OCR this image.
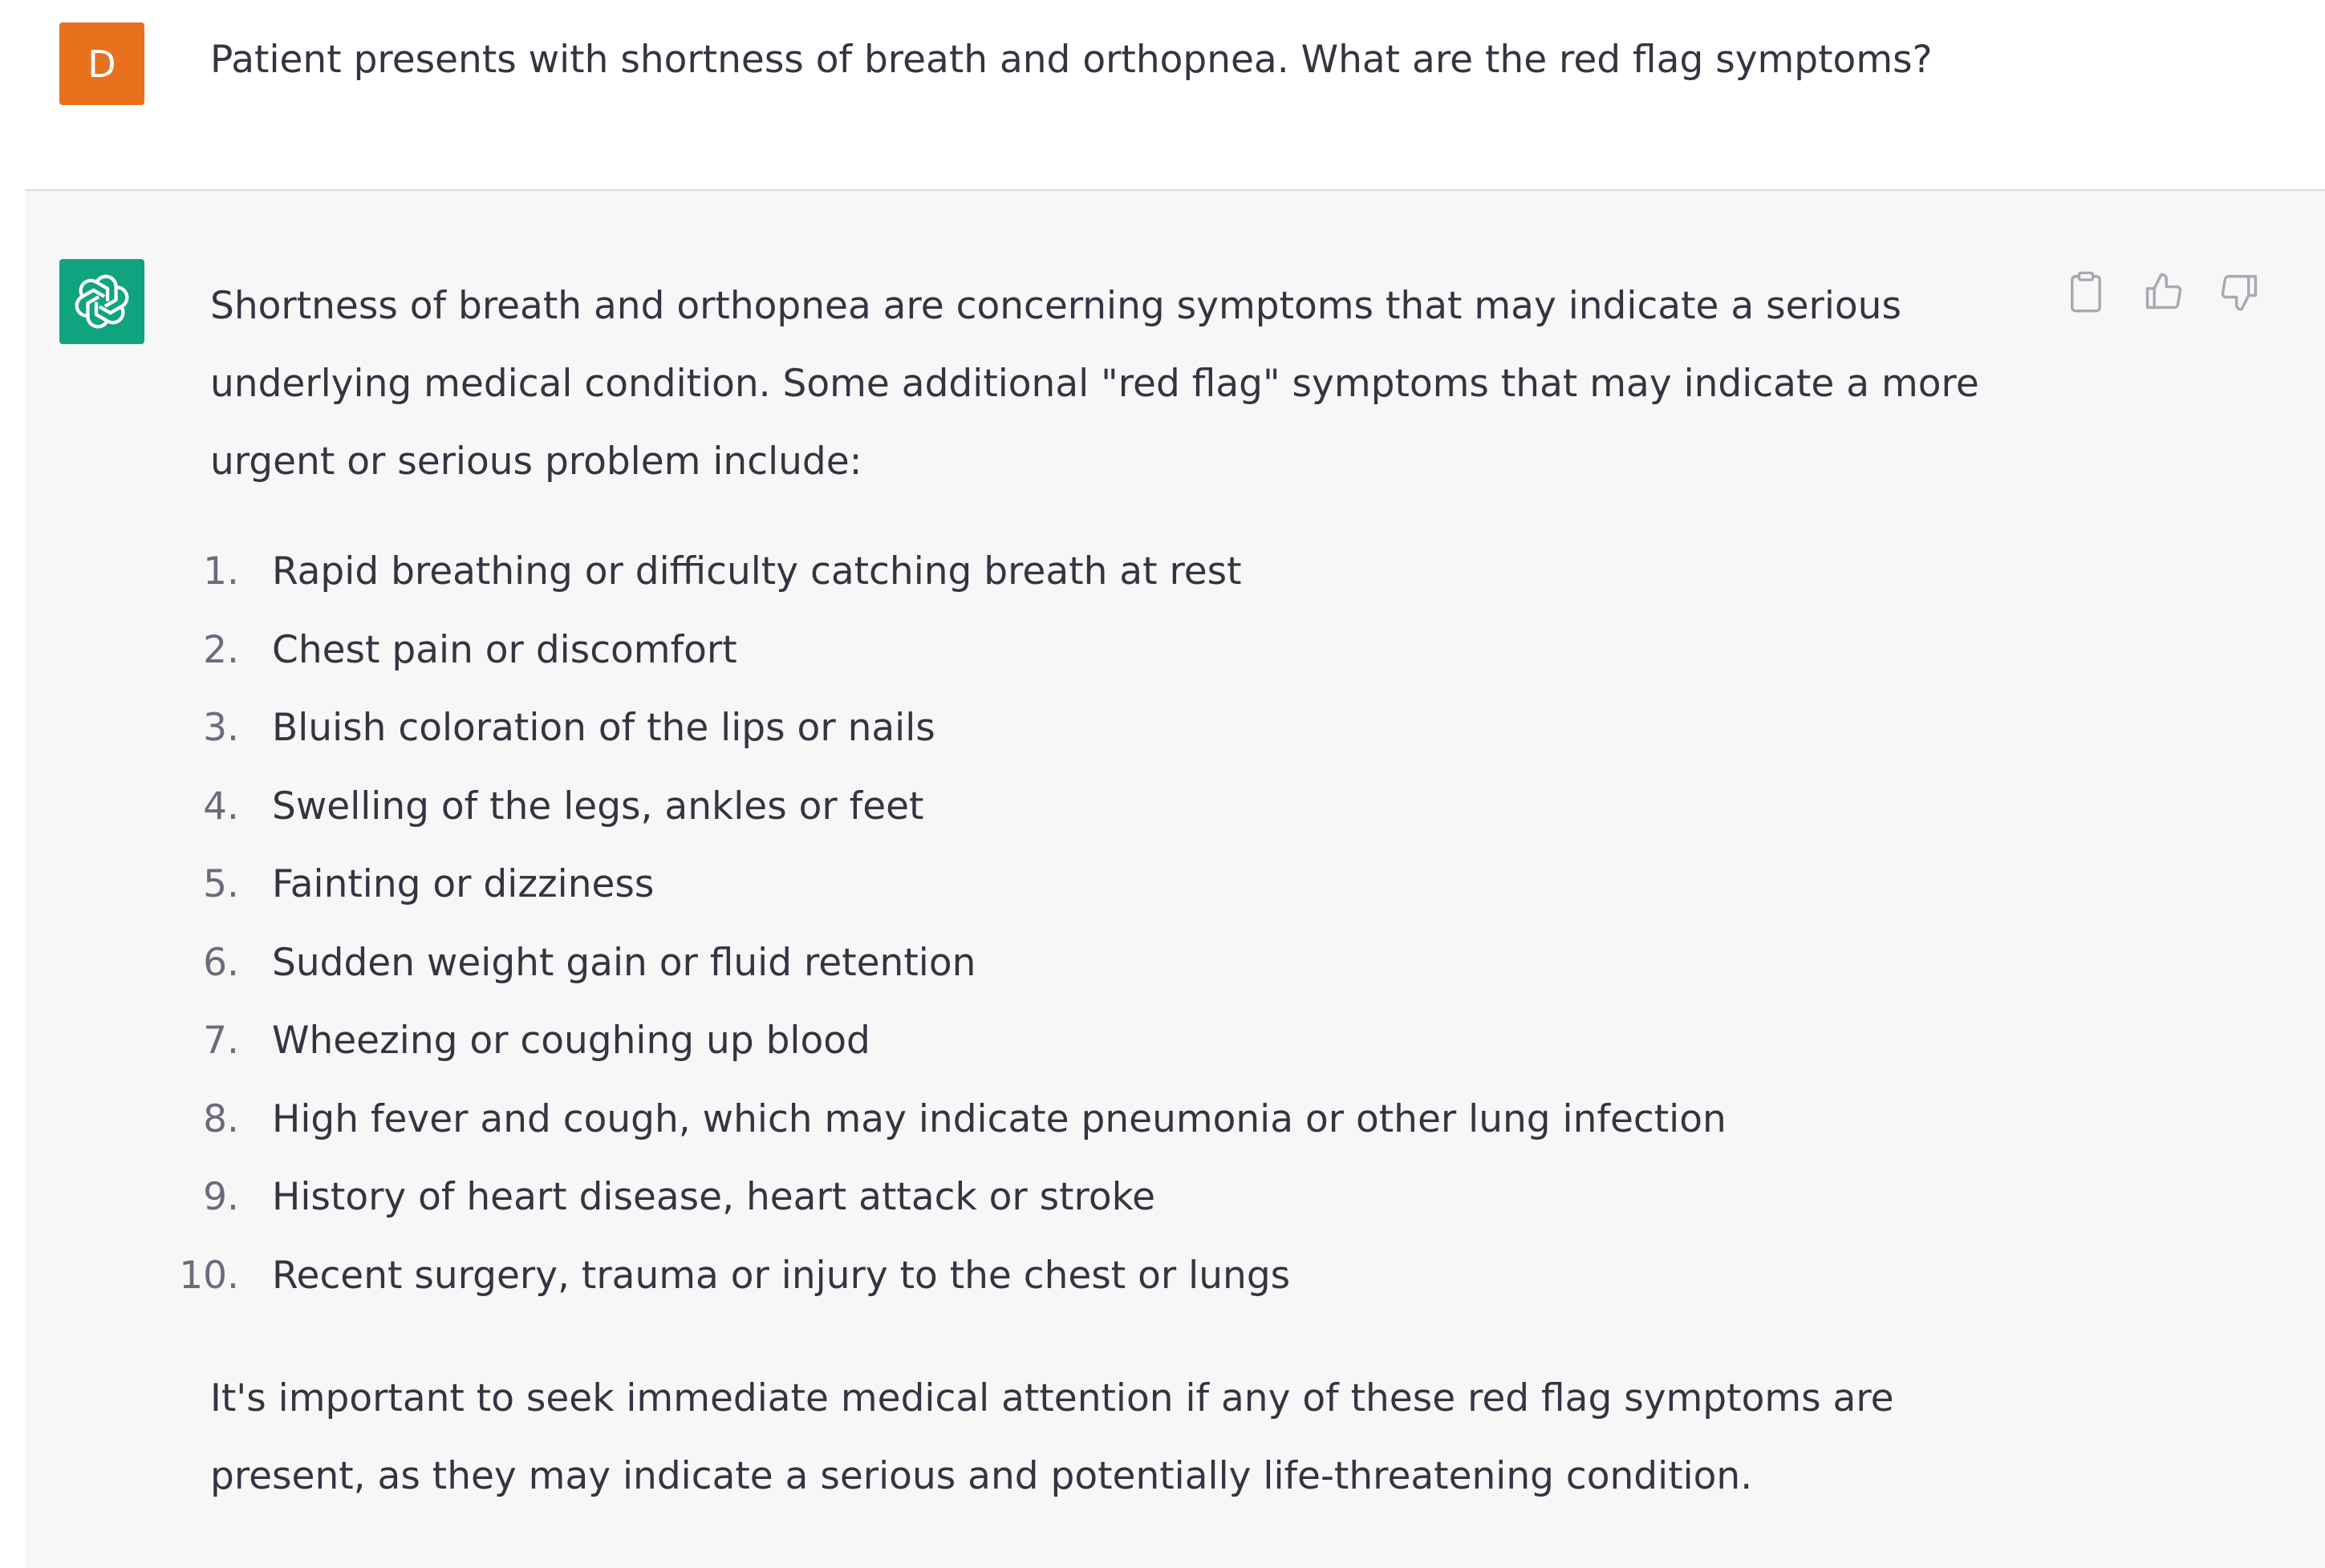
D Patient presents with shortness of breath and orthopnea. What are the red flag symptoms?

Shortness of breath and orthopnea are concerning symptoms that may indicate a serious underlying medical condition. Some additional "red flag" symptoms that may indicate a more urgent or serious problem include:

1. Rapid breathing or difficulty catching breath at rest
2. Chest pain or discomfort
3. Bluish coloration of the lips or nails
4. Swelling of the legs, ankles or feet
5. Fainting or dizziness
6. Sudden weight gain or fluid retention
7. Wheezing or coughing up blood
8. High fever and cough, which may indicate pneumonia or other lung infection
9. History of heart disease, heart attack or stroke
10. Recent surgery, trauma or injury to the chest or lungs

It's important to seek immediate medical attention if any of these red flag symptoms are present, as they may indicate a serious and potentially life-threatening condition.
